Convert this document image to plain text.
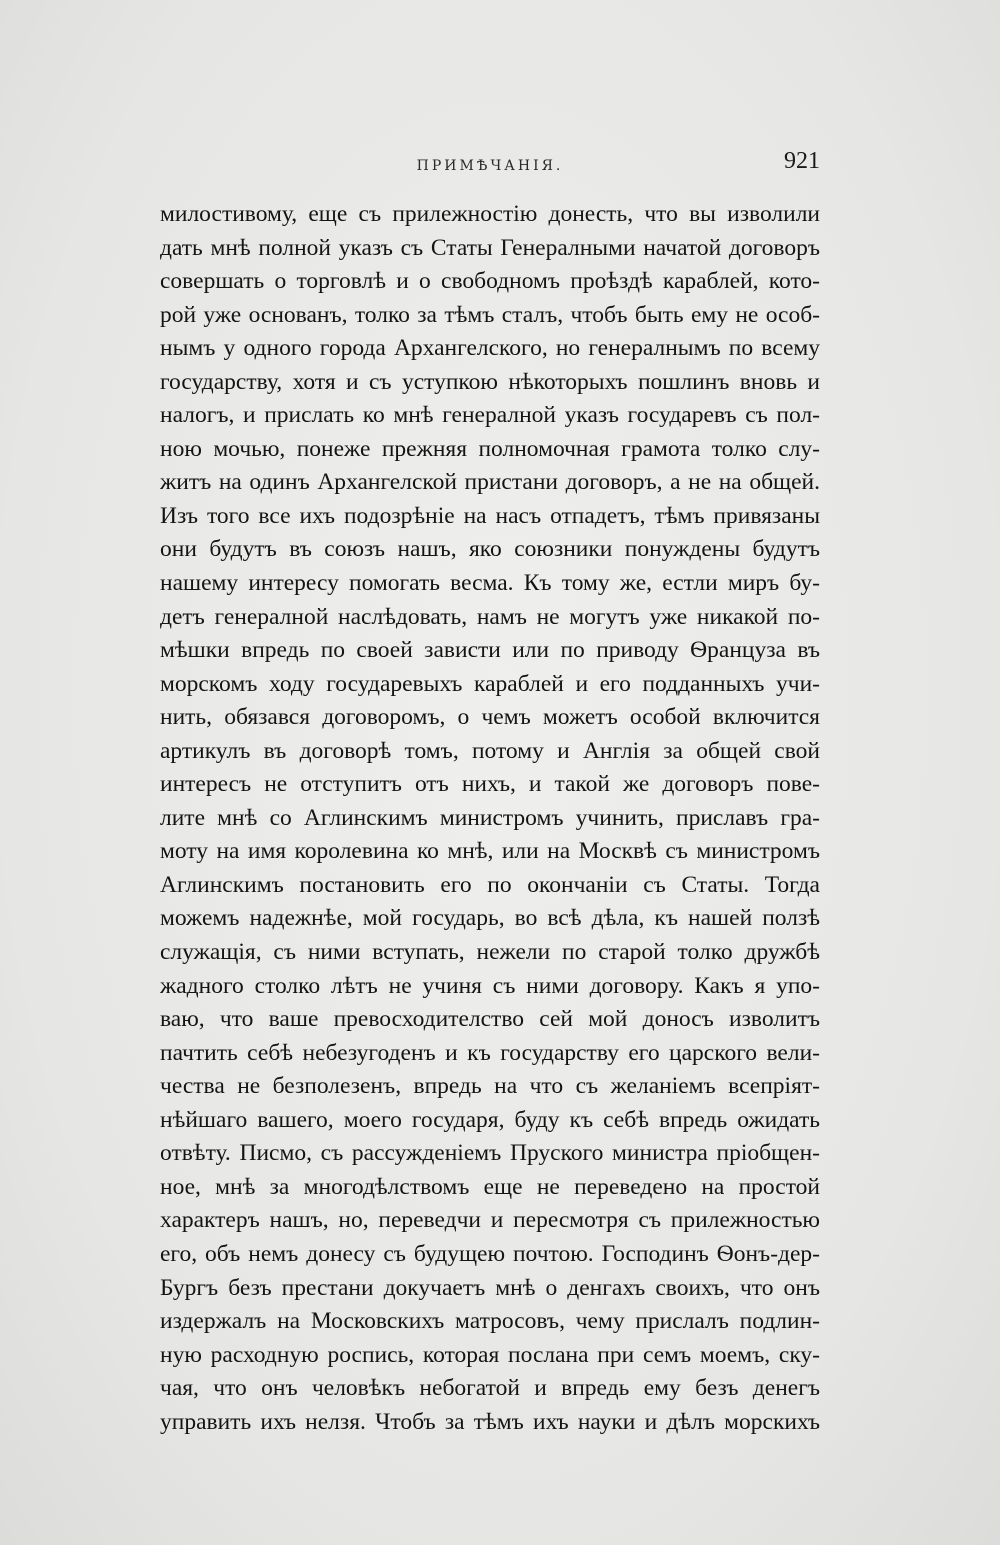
ПРИМѢЧАНІЯ.	921
милостивому, еще съ прилежностію донесть, что вы изволили
дать мнѣ полной указъ съ Статы Генералными начатой договоръ
совершать о торговлѣ и о свободномъ проѣздѣ караблей, кото-
рой уже основанъ, толко за тѣмъ сталъ, чтобъ быть ему не особ-
нымъ у одного города Архангелского, но генералнымъ по всему
государству, хотя и съ уступкою нѣкоторыхъ пошлинъ вновь и
налогъ, и прислать ко мнѣ генералной указъ государевъ съ пол-
ною мочью, понеже прежняя полномочная грамота толко слу-
житъ на одинъ Архангелской пристани договоръ, а не на общей.
Изъ того все ихъ подозрѣніе на насъ отпадетъ, тѣмъ привязаны
они будутъ въ союзъ нашъ, яко союзники понуждены будутъ
нашему интересу помогать весма. Къ тому же, естли миръ бу-
детъ генералной наслѣдовать, намъ не могутъ уже никакой по-
мѣшки впредь по своей зависти или по приводу Ѳранцуза въ
морскомъ ходу государевыхъ караблей и его подданныхъ учи-
нить, обязався договоромъ, о чемъ можетъ особой включится
артикулъ въ договорѣ томъ, потому и Англія за общей свой
интересъ не отступитъ отъ нихъ, и такой же договоръ пове-
лите мнѣ со Аглинскимъ министромъ учинить, приславъ гра-
моту на имя королевина ко мнѣ, или на Москвѣ съ министромъ
Аглинскимъ постановить его по окончаніи съ Статы. Тогда
можемъ надежнѣе, мой государь, во всѣ дѣла, къ нашей ползѣ
служащія, съ ними вступать, нежели по старой толко дружбѣ
жадного столко лѣтъ не учиня съ ними договору. Какъ я упо-
ваю, что ваше превосходителство сей мой доносъ изволитъ
пачтить себѣ небезугоденъ и къ государству его царского вели-
чества не безполезенъ, впредь на что съ желаніемъ всепріят-
нѣйшаго вашего, моего государя, буду къ себѣ впредь ожидать
отвѣту. Писмо, съ рассужденіемъ Пруского министра пріобщен-
ное, мнѣ за многодѣлствомъ еще не переведено на простой
характеръ нашъ, но, переведчи и пересмотря съ прилежностью
его, объ немъ донесу съ будущею почтою. Господинъ Ѳонъ-дер-
Бургъ безъ престани докучаетъ мнѣ о денгахъ своихъ, что онъ
издержалъ на Московскихъ матросовъ, чему прислалъ подлин-
ную расходную роспись, которая послана при семъ моемъ, ску-
чая, что онъ человѣкъ небогатой и впредь ему безъ денегъ
управить ихъ нелзя. Чтобъ за тѣмъ ихъ науки и дѣлъ морскихъ
